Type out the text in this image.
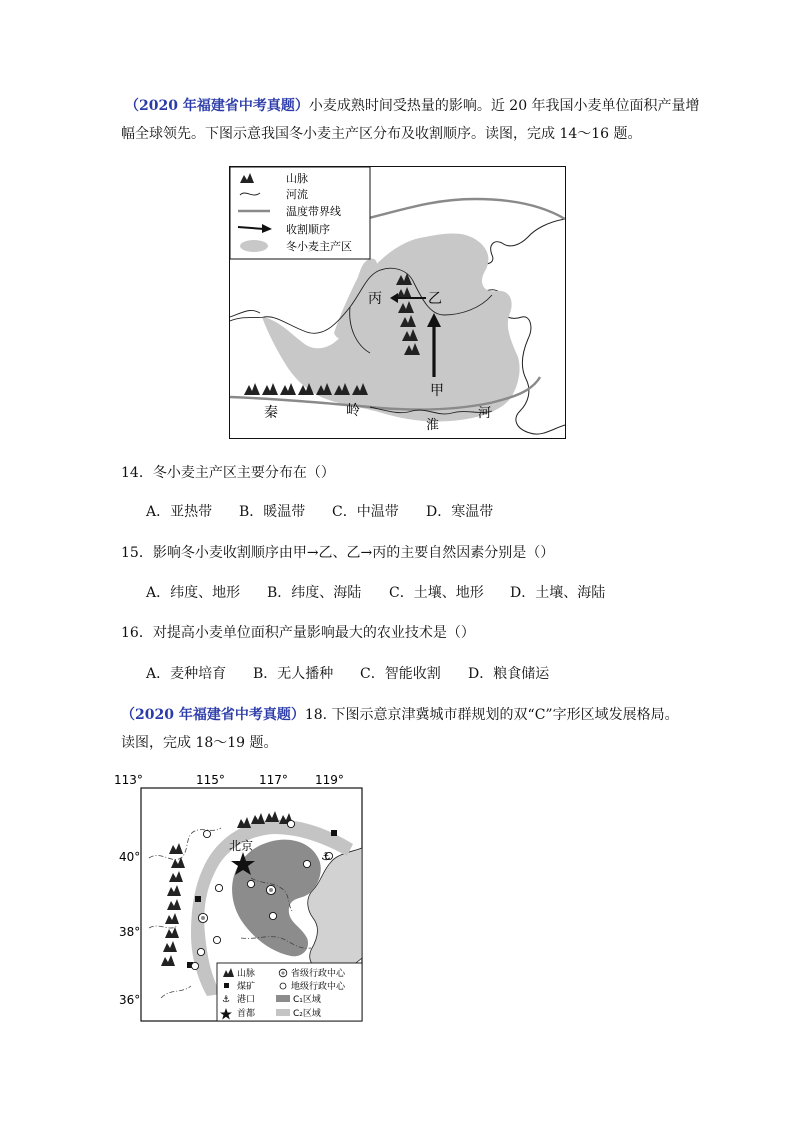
（2020 年福建省中考真题）小麦成熟时间受热量的影响。近 20 年我国小麦单位面积产量增
幅全球领先。下图示意我国冬小麦主产区分布及收割顺序。读图，完成 14～16 题。
丙	乙
甲
秦	岭
淮
河
山脉
河流
温度带界线
收割顺序
冬小麦主产区
14．冬小麦主产区主要分布在（）
A．亚热带 B．暖温带 C．中温带 D．寒温带
15．影响冬小麦收割顺序由甲→乙、乙→丙的主要自然因素分别是（）
A．纬度、地形 B．纬度、海陆 C．土壤、地形 D．土壤、海陆
16．对提高小麦单位面积产量影响最大的农业技术是（）
A．麦种培育 B．无人播种 C．智能收割 D．粮食储运
（2020 年福建省中考真题）18. 下图示意京津冀城市群规划的双“C”字形区域发展格局。
读图，完成 18～19 题。
113°	115°	117° 119°
40°
38°
36°
⚓
北京
山脉	省级行政中心
煤矿	地级行政中心
⚓ 港口	C₁区域
首都	C₂区域
